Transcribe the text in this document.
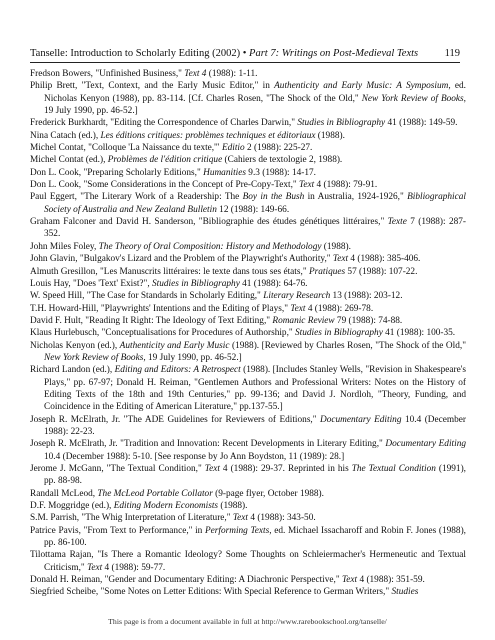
Tanselle: Introduction to Scholarly Editing (2002) • Part 7: Writings on Post-Medieval Texts	119

Fredson Bowers, "Unfinished Business," Text 4 (1988): 1-11.

Philip Brett, "Text, Context, and the Early Music Editor," in Authenticity and Early Music: A Symposium, ed. Nicholas Kenyon (1988), pp. 83-114. [Cf. Charles Rosen, "The Shock of the Old," New York Review of Books, 19 July 1990, pp. 46-52.]

Frederick Burkhardt, "Editing the Correspondence of Charles Darwin," Studies in Bibliography 41 (1988): 149-59.

Nina Catach (ed.), Les éditions critiques: problèmes techniques et éditoriaux (1988).

Michel Contat, "Colloque 'La Naissance du texte,'" Editio 2 (1988): 225-27.

Michel Contat (ed.), Problèmes de l'édition critique (Cahiers de textologie 2, 1988).

Don L. Cook, "Preparing Scholarly Editions," Humanities 9.3 (1988): 14-17.

Don L. Cook, "Some Considerations in the Concept of Pre-Copy-Text," Text 4 (1988): 79-91.

Paul Eggert, "The Literary Work of a Readership: The Boy in the Bush in Australia, 1924-1926," Bibliographical Society of Australia and New Zealand Bulletin 12 (1988): 149-66.

Graham Falconer and David H. Sanderson, "Bibliographie des études génétiques littéraires," Texte 7 (1988): 287-352.

John Miles Foley, The Theory of Oral Composition: History and Methodology (1988).

John Glavin, "Bulgakov's Lizard and the Problem of the Playwright's Authority," Text 4 (1988): 385-406.

Almuth Gresillon, "Les Manuscrits littéraires: le texte dans tous ses états," Pratiques 57 (1988): 107-22.

Louis Hay, "Does 'Text' Exist?", Studies in Bibliography 41 (1988): 64-76.

W. Speed Hill, "The Case for Standards in Scholarly Editing," Literary Research 13 (1988): 203-12.

T.H. Howard-Hill, "Playwrights' Intentions and the Editing of Plays," Text 4 (1988): 269-78.

David F. Hult, "Reading It Right: The Ideology of Text Editing," Romanic Review 79 (1988): 74-88.

Klaus Hurlebusch, "Conceptualisations for Procedures of Authorship," Studies in Bibliography 41 (1988): 100-35.

Nicholas Kenyon (ed.), Authenticity and Early Music (1988). [Reviewed by Charles Rosen, "The Shock of the Old," New York Review of Books, 19 July 1990, pp. 46-52.]

Richard Landon (ed.), Editing and Editors: A Retrospect (1988). [Includes Stanley Wells, "Revision in Shakespeare's Plays," pp. 67-97; Donald H. Reiman, "Gentlemen Authors and Professional Writers: Notes on the History of Editing Texts of the 18th and 19th Centuries," pp. 99-136; and David J. Nordloh, "Theory, Funding, and Coincidence in the Editing of American Literature," pp.137-55.]

Joseph R. McElrath, Jr. "The ADE Guidelines for Reviewers of Editions," Documentary Editing 10.4 (December 1988): 22-23.

Joseph R. McElrath, Jr. "Tradition and Innovation: Recent Developments in Literary Editing," Documentary Editing 10.4 (December 1988): 5-10. [See response by Jo Ann Boydston, 11 (1989): 28.]

Jerome J. McGann, "The Textual Condition," Text 4 (1988): 29-37. Reprinted in his The Textual Condition (1991), pp. 88-98.

Randall McLeod, The McLeod Portable Collator (9-page flyer, October 1988).

D.F. Moggridge (ed.), Editing Modern Economists (1988).

S.M. Parrish, "The Whig Interpretation of Literature," Text 4 (1988): 343-50.

Patrice Pavis, "From Text to Performance," in Performing Texts, ed. Michael Issacharoff and Robin F. Jones (1988), pp. 86-100.

Tilottama Rajan, "Is There a Romantic Ideology? Some Thoughts on Schleiermacher's Hermeneutic and Textual Criticism," Text 4 (1988): 59-77.

Donald H. Reiman, "Gender and Documentary Editing: A Diachronic Perspective," Text 4 (1988): 351-59.

Siegfried Scheibe, "Some Notes on Letter Editions: With Special Reference to German Writers," Studies

This page is from a document available in full at http://www.rarebookschool.org/tanselle/
